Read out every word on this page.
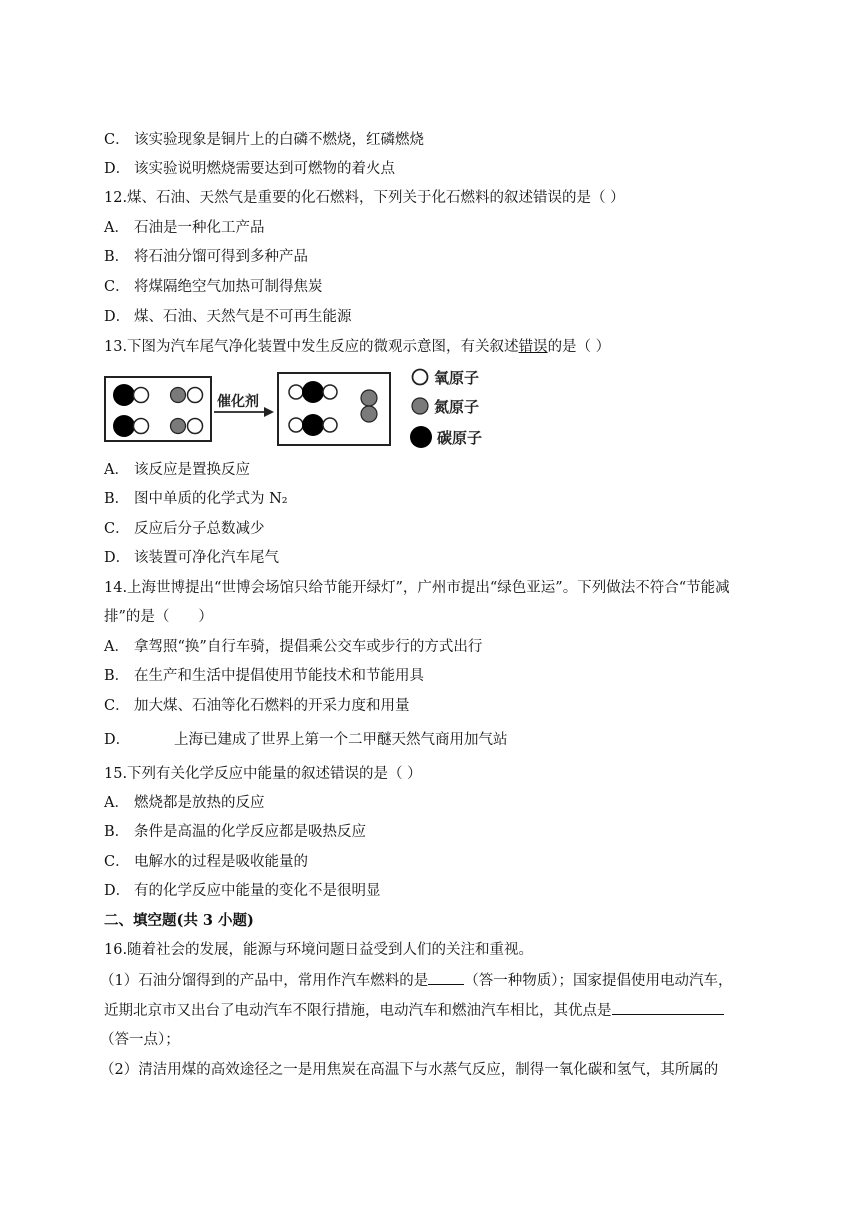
C． 该实验现象是铜片上的白磷不燃烧，红磷燃烧
D． 该实验说明燃烧需要达到可燃物的着火点
12.煤、石油、天然气是重要的化石燃料，下列关于化石燃料的叙述错误的是（ ）
A． 石油是一种化工产品
B． 将石油分馏可得到多种产品
C． 将煤隔绝空气加热可制得焦炭
D． 煤、石油、天然气是不可再生能源
13.下图为汽车尾气净化装置中发生反应的微观示意图，有关叙述错误的是（ ）
催化剂
氧原子
氮原子
碳原子
A． 该反应是置换反应
B． 图中单质的化学式为 N₂
C． 反应后分子总数减少
D． 该装置可净化汽车尾气
14.上海世博提出“世博会场馆只给节能开绿灯”，广州市提出“绿色亚运”。下列做法不符合“节能减
排”的是（　　）
A． 拿驾照“换”自行车骑，提倡乘公交车或步行的方式出行
B． 在生产和生活中提倡使用节能技术和节能用具
C． 加大煤、石油等化石燃料的开采力度和用量
D．	上海已建成了世界上第一个二甲醚天然气商用加气站
15.下列有关化学反应中能量的叙述错误的是（ ）
A． 燃烧都是放热的反应
B． 条件是高温的化学反应都是吸热反应
C． 电解水的过程是吸收能量的
D． 有的化学反应中能量的变化不是很明显
二、填空题(共 3 小题)
16.随着社会的发展，能源与环境问题日益受到人们的关注和重视。
（1）石油分馏得到的产品中，常用作汽车燃料的是 （答一种物质）；国家提倡使用电动汽车，
近期北京市又出台了电动汽车不限行措施，电动汽车和燃油汽车相比，其优点是
（答一点）；
（2）清洁用煤的高效途径之一是用焦炭在高温下与水蒸气反应，制得一氧化碳和氢气，其所属的
